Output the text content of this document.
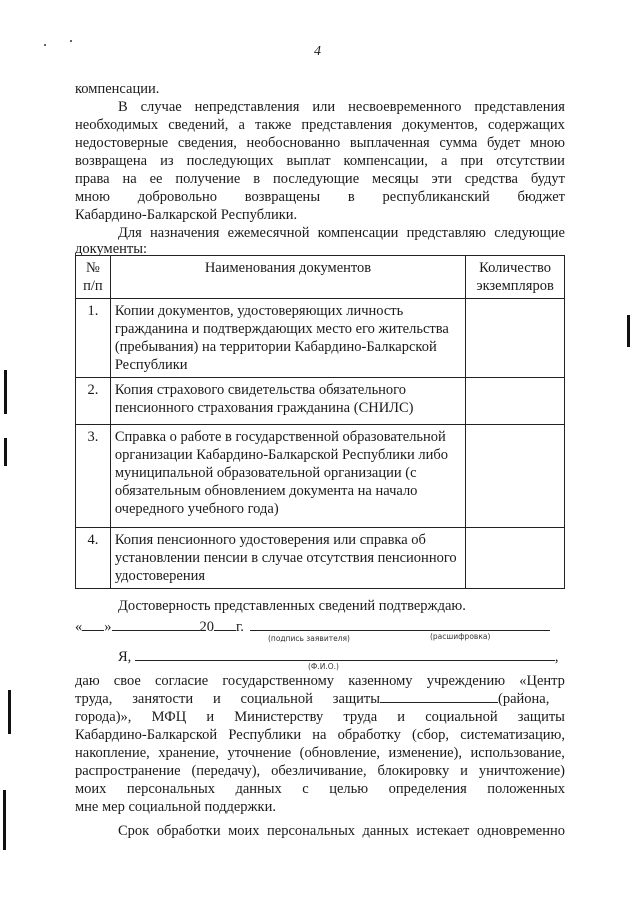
4
компенсации.
В случае непредставления или несвоевременного представления
необходимых сведений, а также представления документов, содержащих
недостоверные сведения, необоснованно выплаченная сумма будет мною
возвращена из последующих выплат компенсации, а при отсутствии
права на ее получение в последующие месяцы эти средства будут
мною добровольно возвращены в республиканский бюджет
Кабардино-Балкарской Республики.
Для назначения ежемесячной компенсации представляю следующие
документы:
№ п/п	Наименования документов	Количество экземпляров
1.	Копии документов, удостоверяющих личность гражданина и подтверждающих место его жительства (пребывания) на территории Кабардино-Балкарской Республики	
2.	Копия страхового свидетельства обязательного пенсионного страхования гражданина (СНИЛС)	
3.	Справка о работе в государственной образовательной организации Кабардино-Балкарской Республики либо муниципальной образовательной организации (с обязательным обновлением документа на начало очередного учебного года)	
4.	Копия пенсионного удостоверения или справка об установлении пенсии в случае отсутствия пенсионного удостоверения	
Достоверность представленных сведений подтверждаю.
« »	20 г.
(подпись заявителя)	(расшифровка)
Я,	,
(Ф.И.О.)
даю свое согласие государственному казенному учреждению «Центр
труда, занятости и социальной защиты	(района,
города)», МФЦ и Министерству труда и социальной защиты
Кабардино-Балкарской Республики на обработку (сбор, систематизацию,
накопление, хранение, уточнение (обновление, изменение), использование,
распространение (передачу), обезличивание, блокировку и уничтожение)
моих персональных данных с целью определения положенных
мне мер социальной поддержки.
Срок обработки моих персональных данных истекает одновременно
